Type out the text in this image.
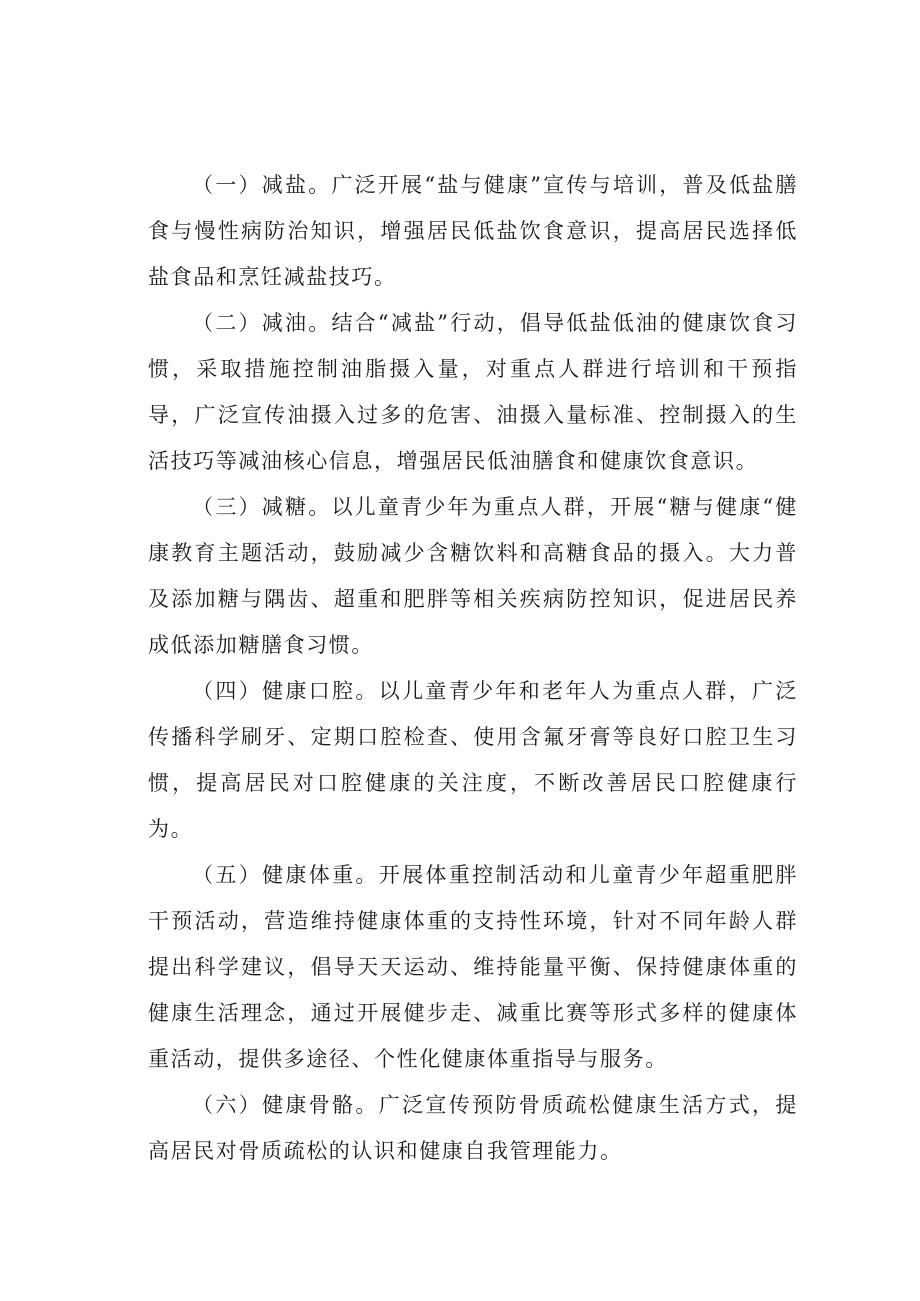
（一）减盐。广泛开展“盐与健康”宣传与培训，普及低盐膳食与慢性病防治知识，增强居民低盐饮食意识，提高居民选择低盐食品和烹饪减盐技巧。

（二）减油。结合“减盐”行动，倡导低盐低油的健康饮食习惯，采取措施控制油脂摄入量，对重点人群进行培训和干预指导，广泛宣传油摄入过多的危害、油摄入量标准、控制摄入的生活技巧等减油核心信息，增强居民低油膳食和健康饮食意识。

（三）减糖。以儿童青少年为重点人群，开展“糖与健康“健康教育主题活动，鼓励减少含糖饮料和高糖食品的摄入。大力普及添加糖与隅齿、超重和肥胖等相关疾病防控知识，促进居民养成低添加糖膳食习惯。

（四）健康口腔。以儿童青少年和老年人为重点人群，广泛传播科学刷牙、定期口腔检查、使用含氟牙膏等良好口腔卫生习惯，提高居民对口腔健康的关注度，不断改善居民口腔健康行为。

（五）健康体重。开展体重控制活动和儿童青少年超重肥胖干预活动，营造维持健康体重的支持性环境，针对不同年龄人群提出科学建议，倡导天天运动、维持能量平衡、保持健康体重的健康生活理念，通过开展健步走、减重比赛等形式多样的健康体重活动，提供多途径、个性化健康体重指导与服务。

（六）健康骨骼。广泛宣传预防骨质疏松健康生活方式，提高居民对骨质疏松的认识和健康自我管理能力。
